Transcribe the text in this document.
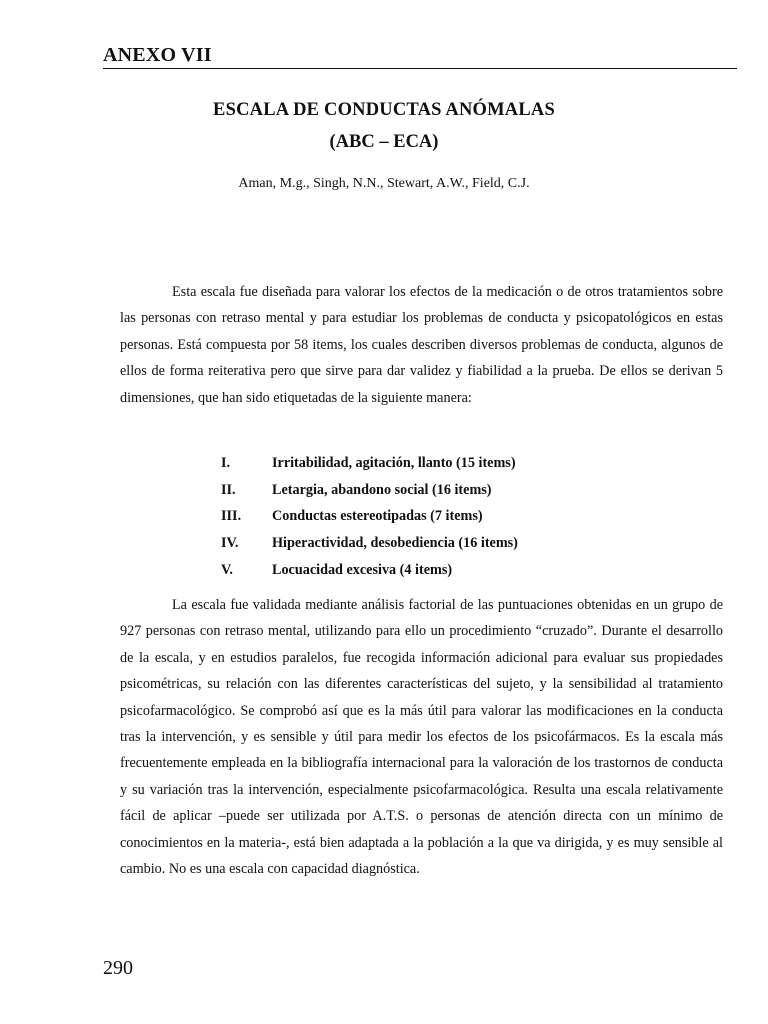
ANEXO VII
ESCALA DE CONDUCTAS ANÓMALAS
(ABC – ECA)
Aman, M.g., Singh, N.N., Stewart, A.W., Field, C.J.

Esta escala fue diseñada para valorar los efectos de la medicación o de otros tratamientos sobre las personas con retraso mental y para estudiar los problemas de conducta y psicopatológicos en estas personas. Está compuesta por 58 items, los cuales describen diversos problemas de conducta, algunos de ellos de forma reiterativa pero que sirve para dar validez y fiabilidad a la prueba. De ellos se derivan 5 dimensiones, que han sido etiquetadas de la siguiente manera:

I.	Irritabilidad, agitación, llanto (15 items)
II.	Letargia, abandono social (16 items)
III.	Conductas estereotipadas (7 items)
IV.	Hiperactividad, desobediencia (16 items)
V.	Locuacidad excesiva (4 items)

La escala fue validada mediante análisis factorial de las puntuaciones obtenidas en un grupo de 927 personas con retraso mental, utilizando para ello un procedimiento “cruzado”. Durante el desarrollo de la escala, y en estudios paralelos, fue recogida información adicional para evaluar sus propiedades psicométricas, su relación con las diferentes características del sujeto, y la sensibilidad al tratamiento psicofarmacológico. Se comprobó así que es la más útil para valorar las modificaciones en la conducta tras la intervención, y es sensible y útil para medir los efectos de los psicofármacos. Es la escala más frecuentemente empleada en la bibliografía internacional para la valoración de los trastornos de conducta y su variación tras la intervención, especialmente psicofarmacológica. Resulta una escala relativamente fácil de aplicar –puede ser utilizada por A.T.S. o personas de atención directa con un mínimo de conocimientos en la materia-, está bien adaptada a la población a la que va dirigida, y es muy sensible al cambio. No es una escala con capacidad diagnóstica.

290
